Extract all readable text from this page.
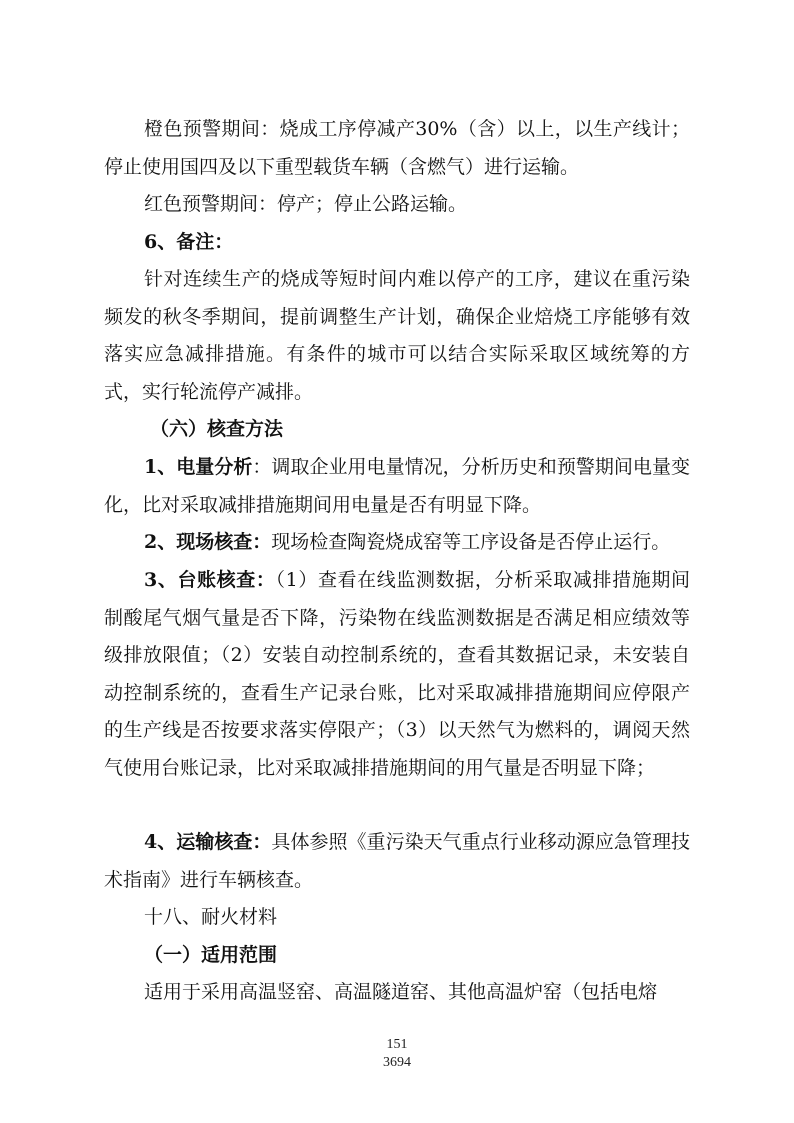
橙色预警期间：烧成工序停减产30%（含）以上，以生产线计；停止使用国四及以下重型载货车辆（含燃气）进行运输。

红色预警期间：停产；停止公路运输。

6、备注：

针对连续生产的烧成等短时间内难以停产的工序，建议在重污染频发的秋冬季期间，提前调整生产计划，确保企业焙烧工序能够有效落实应急减排措施。有条件的城市可以结合实际采取区域统筹的方式，实行轮流停产减排。

（六）核查方法

1、电量分析：调取企业用电量情况，分析历史和预警期间电量变化，比对采取减排措施期间用电量是否有明显下降。

2、现场核查：现场检查陶瓷烧成窑等工序设备是否停止运行。

3、台账核查：（1）查看在线监测数据，分析采取减排措施期间制酸尾气烟气量是否下降，污染物在线监测数据是否满足相应绩效等级排放限值；（2）安装自动控制系统的，查看其数据记录，未安装自动控制系统的，查看生产记录台账，比对采取减排措施期间应停限产的生产线是否按要求落实停限产；（3）以天然气为燃料的，调阅天然气使用台账记录，比对采取减排措施期间的用气量是否明显下降；

4、运输核查：具体参照《重污染天气重点行业移动源应急管理技术指南》进行车辆核查。

十八、耐火材料

（一）适用范围

适用于采用高温竖窑、高温隧道窑、其他高温炉窑（包括电熔

151
3694
